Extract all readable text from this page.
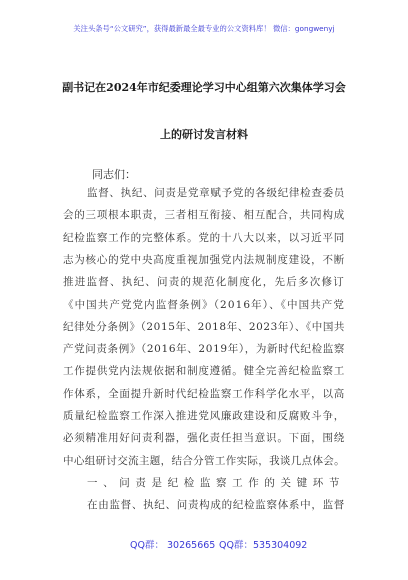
关注头条号“公文研究”，获得最新最全最专业的公文资料库！ 微信：gongwenyj
副书记在2024年市纪委理论学习中心组第六次集体学习会
上的研讨发言材料
同志们：
监督、执纪、问责是党章赋予党的各级纪律检查委员
会的三项根本职责，三者相互衔接、相互配合，共同构成
纪检监察工作的完整体系。党的十八大以来，以习近平同
志为核心的党中央高度重视加强党内法规制度建设，不断
推进监督、执纪、问责的规范化制度化，先后多次修订
《中国共产党党内监督条例》（2016年）、《中国共产党
纪律处分条例》（2015年、2018年、2023年）、《中国共
产党问责条例》（2016年、2019年），为新时代纪检监察
工作提供党内法规依据和制度遵循。健全完善纪检监察工
作体系，全面提升新时代纪检监察工作科学化水平，以高
质量纪检监察工作深入推进党风廉政建设和反腐败斗争，
必须精准用好问责利器，强化责任担当意识。下面，围绕
中心组研讨交流主题，结合分管工作实际，我谈几点体会。
一、问责是纪检监察工作的关键环节
在由监督、执纪、问责构成的纪检监察体系中，监督
QQ群： 30265665 QQ群：535304092
